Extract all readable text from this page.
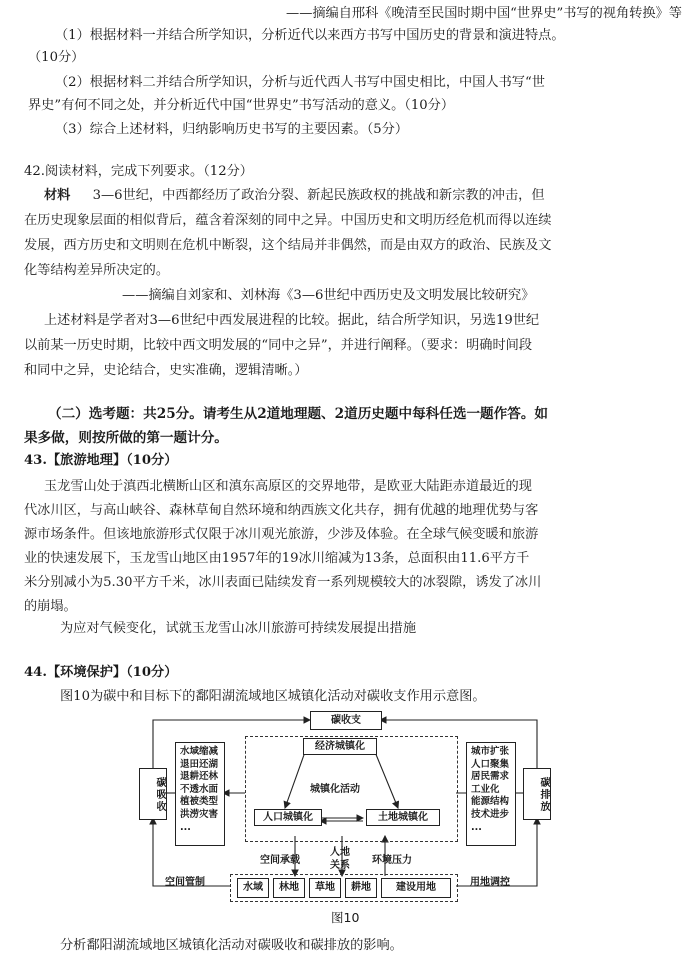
——摘编自邢科《晚清至民国时期中国“世界史”书写的视角转换》等
（1）根据材料一并结合所学知识，分析近代以来西方书写中国历史的背景和演进特点。
（10分）
（2）根据材料二并结合所学知识，分析与近代西人书写中国史相比，中国人书写“世
界史”有何不同之处，并分析近代中国“世界史”书写活动的意义。（10分）
（3）综合上述材料，归纳影响历史书写的主要因素。（5分）
42.阅读材料，完成下列要求。（12分）
材料 3—6世纪，中西都经历了政治分裂、新起民族政权的挑战和新宗教的冲击，但
在历史现象层面的相似背后，蕴含着深刻的同中之异。中国历史和文明历经危机而得以连续
发展，西方历史和文明则在危机中断裂，这个结局并非偶然，而是由双方的政治、民族及文
化等结构差异所决定的。
——摘编自刘家和、刘林海《3—6世纪中西历史及文明发展比较研究》
上述材料是学者对3—6世纪中西发展进程的比较。据此，结合所学知识，另选19世纪
以前某一历史时期，比较中西文明发展的“同中之异”，并进行阐释。（要求：明确时间段
和同中之异，史论结合，史实准确，逻辑清晰。）
（二）选考题：共25分。请考生从2道地理题、2道历史题中每科任选一题作答。如
果多做，则按所做的第一题计分。
43.【旅游地理】（10分）
玉龙雪山处于滇西北横断山区和滇东高原区的交界地带，是欧亚大陆距赤道最近的现
代冰川区，与高山峡谷、森林草甸自然环境和纳西族文化共存，拥有优越的地理优势与客
源市场条件。但该地旅游形式仅限于冰川观光旅游，少涉及体验。在全球气候变暖和旅游
业的快速发展下，玉龙雪山地区由1957年的19冰川缩减为13条，总面积由11.6平方千
米分别减小为5.30平方千米，冰川表面已陆续发育一系列规模较大的冰裂隙，诱发了冰川
的崩塌。
为应对气候变化，试就玉龙雪山冰川旅游可持续发展提出措施
44.【环境保护】（10分）
图10为碳中和目标下的鄱阳湖流域地区城镇化活动对碳收支作用示意图。
碳收支
碳吸收	碳排放
水域缩减
退田还湖
退耕还林
不透水面
植被类型
洪涝灾害
...
城市扩张
人口聚集
居民需求
工业化
能源结构
技术进步
...
经济城镇化
城镇化活动
人口城镇化	土地城镇化
空间承载
人地
关系 环境压力
空间管制	用地调控
水域	林地	草地	耕地	建设用地
图10
分析鄱阳湖流域地区城镇化活动对碳吸收和碳排放的影响。
